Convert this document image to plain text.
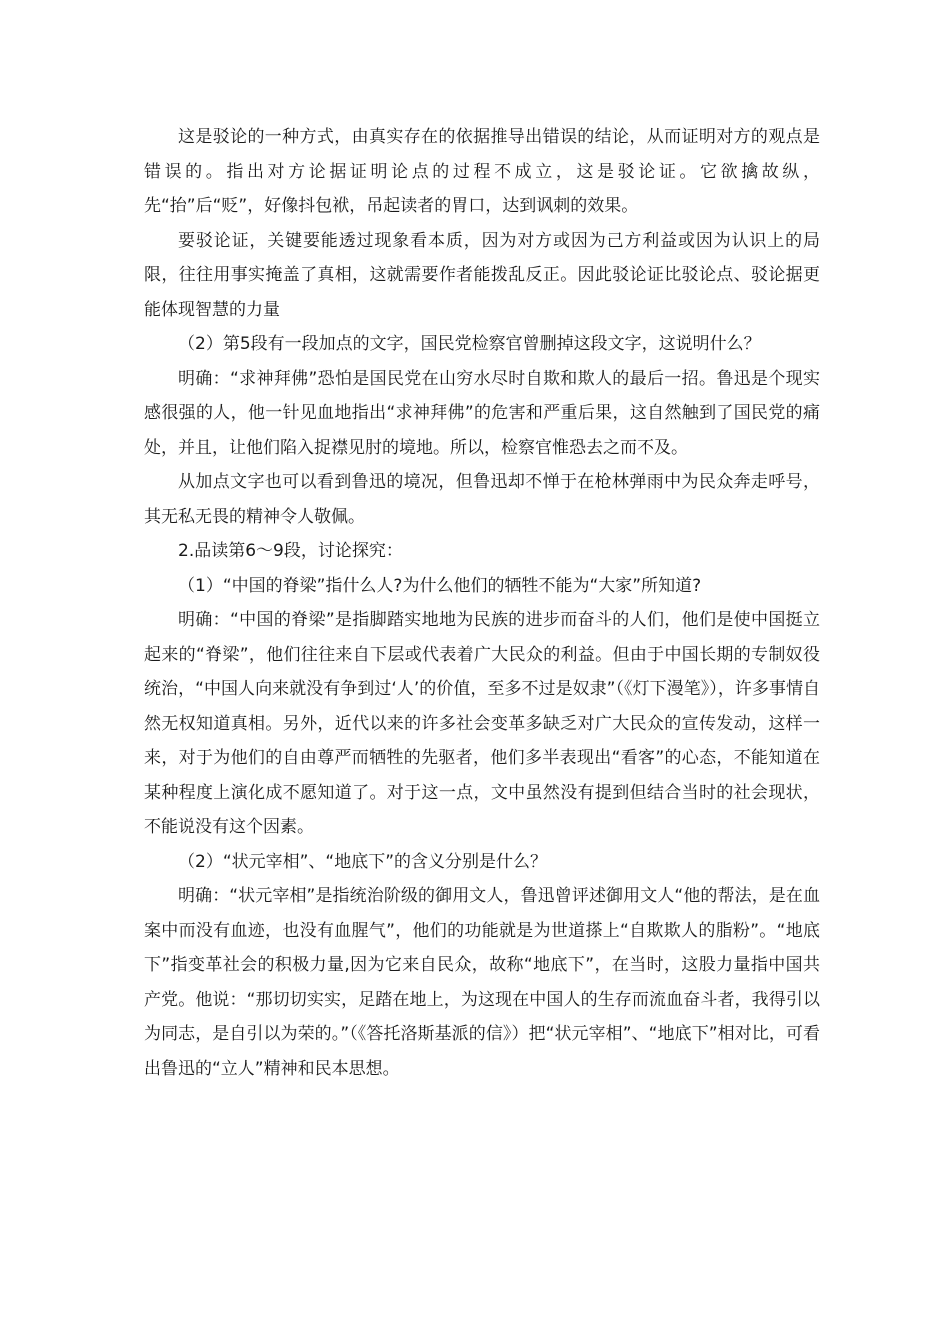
这是驳论的一种方式，由真实存在的依据推导出错误的结论，从而证明对方的观点是错误的。指出对方论据证明论点的过程不成立，这是驳论证。它欲擒故纵，先“抬”后“贬”，好像抖包袱，吊起读者的胃口，达到讽刺的效果。

要驳论证，关键要能透过现象看本质，因为对方或因为己方利益或因为认识上的局限，往往用事实掩盖了真相，这就需要作者能拨乱反正。因此驳论证比驳论点、驳论据更能体现智慧的力量

（2）第5段有一段加点的文字，国民党检察官曾删掉这段文字，这说明什么？

明确：“求神拜佛”恐怕是国民党在山穷水尽时自欺和欺人的最后一招。鲁迅是个现实感很强的人，他一针见血地指出“求神拜佛”的危害和严重后果，这自然触到了国民党的痛处，并且，让他们陷入捉襟见肘的境地。所以，检察官惟恐去之而不及。

从加点文字也可以看到鲁迅的境况，但鲁迅却不惮于在枪林弹雨中为民众奔走呼号，其无私无畏的精神令人敬佩。

2.品读第6～9段，讨论探究：

（1）“中国的脊梁”指什么人?为什么他们的牺牲不能为“大家”所知道?

明确：“中国的脊梁”是指脚踏实地地为民族的进步而奋斗的人们，他们是使中国挺立起来的“脊梁”，他们往往来自下层或代表着广大民众的利益。但由于中国长期的专制奴役统治，“中国人向来就没有争到过‘人’的价值，至多不过是奴隶”（《灯下漫笔》），许多事情自然无权知道真相。另外，近代以来的许多社会变革多缺乏对广大民众的宣传发动，这样一来，对于为他们的自由尊严而牺牲的先驱者，他们多半表现出“看客”的心态，不能知道在某种程度上演化成不愿知道了。对于这一点，文中虽然没有提到但结合当时的社会现状，不能说没有这个因素。

（2）“状元宰相”、“地底下”的含义分别是什么？

明确：“状元宰相”是指统治阶级的御用文人，鲁迅曾评述御用文人“他的帮法，是在血案中而没有血迹，也没有血腥气”，他们的功能就是为世道搽上“自欺欺人的脂粉”。“地底下”指变革社会的积极力量,因为它来自民众，故称“地底下”，在当时，这股力量指中国共产党。他说：“那切切实实，足踏在地上，为这现在中国人的生存而流血奋斗者，我得引以为同志，是自引以为荣的。”（《答托洛斯基派的信》）把“状元宰相”、“地底下”相对比，可看出鲁迅的“立人”精神和民本思想。
